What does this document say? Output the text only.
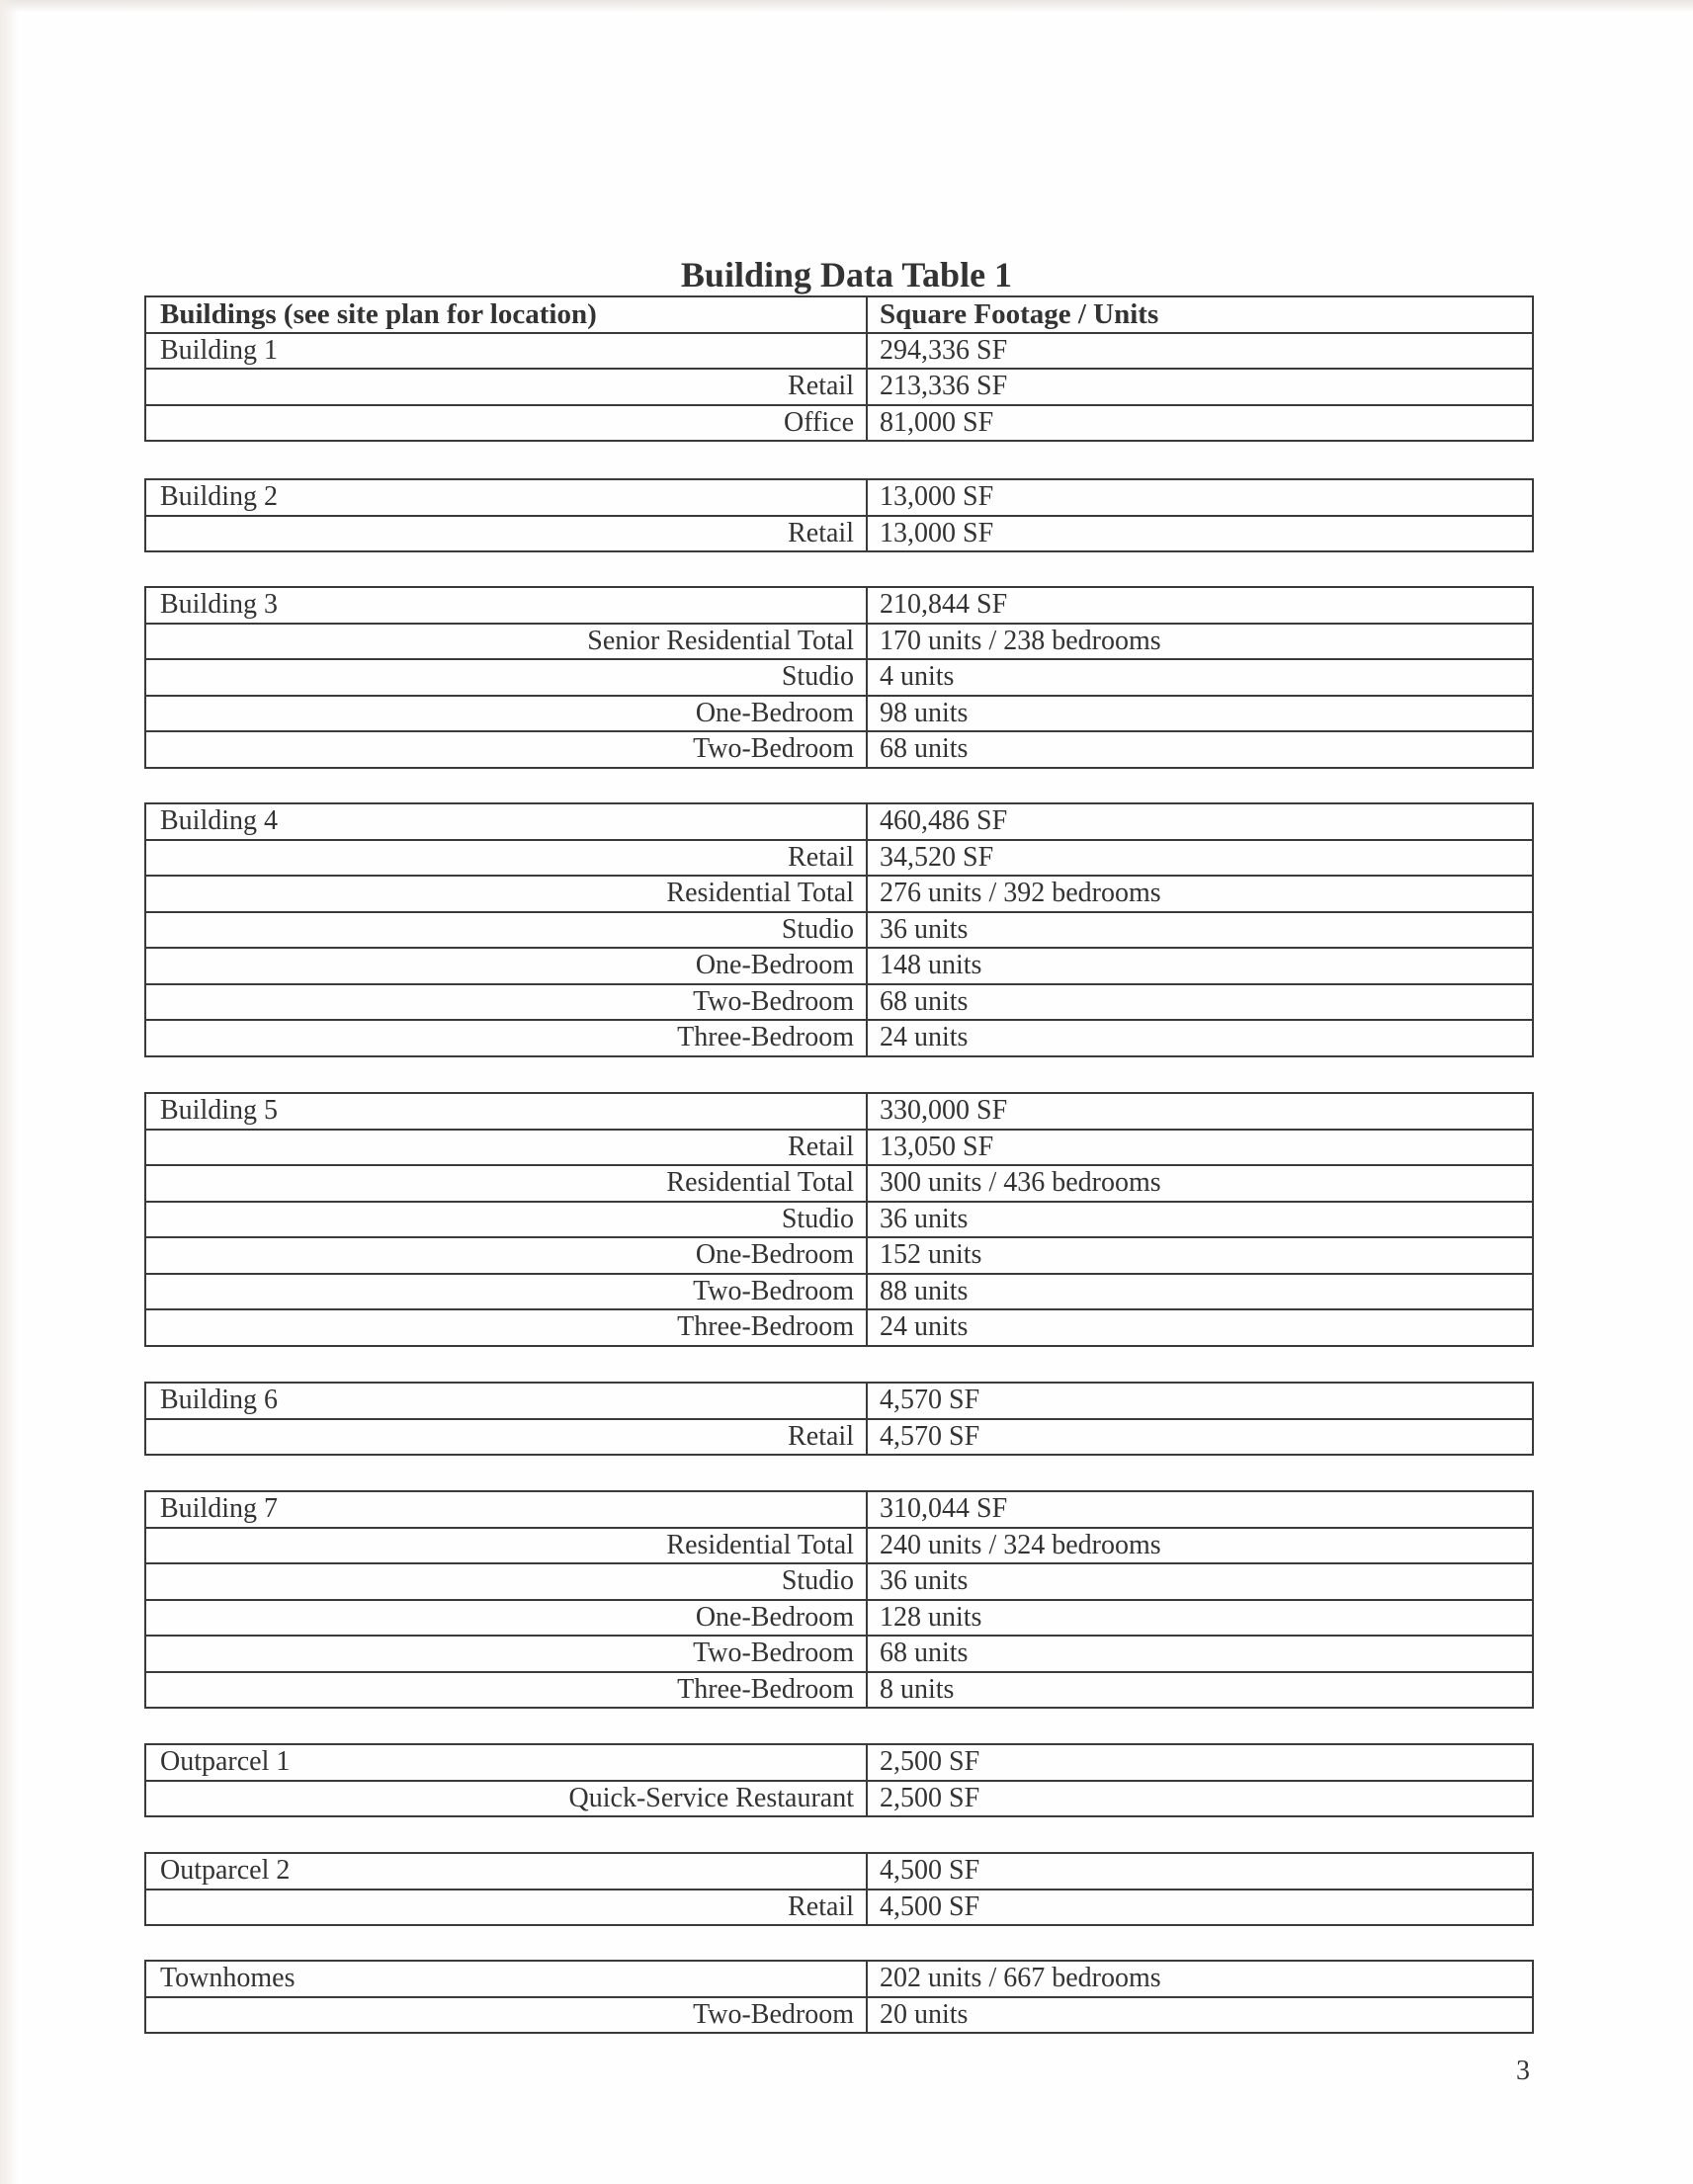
Building Data Table 1
Buildings (see site plan for location)	Square Footage / Units
Building 1	294,336 SF
Retail	213,336 SF
Office	81,000 SF
Building 2	13,000 SF
Retail	13,000 SF
Building 3	210,844 SF
Senior Residential Total	170 units / 238 bedrooms
Studio	4 units
One-Bedroom	98 units
Two-Bedroom	68 units
Building 4	460,486 SF
Retail	34,520 SF
Residential Total	276 units / 392 bedrooms
Studio	36 units
One-Bedroom	148 units
Two-Bedroom	68 units
Three-Bedroom	24 units
Building 5	330,000 SF
Retail	13,050 SF
Residential Total	300 units / 436 bedrooms
Studio	36 units
One-Bedroom	152 units
Two-Bedroom	88 units
Three-Bedroom	24 units
Building 6	4,570 SF
Retail	4,570 SF
Building 7	310,044 SF
Residential Total	240 units / 324 bedrooms
Studio	36 units
One-Bedroom	128 units
Two-Bedroom	68 units
Three-Bedroom	8 units
Outparcel 1	2,500 SF
Quick-Service Restaurant	2,500 SF
Outparcel 2	4,500 SF
Retail	4,500 SF
Townhomes	202 units / 667 bedrooms
Two-Bedroom	20 units
3
